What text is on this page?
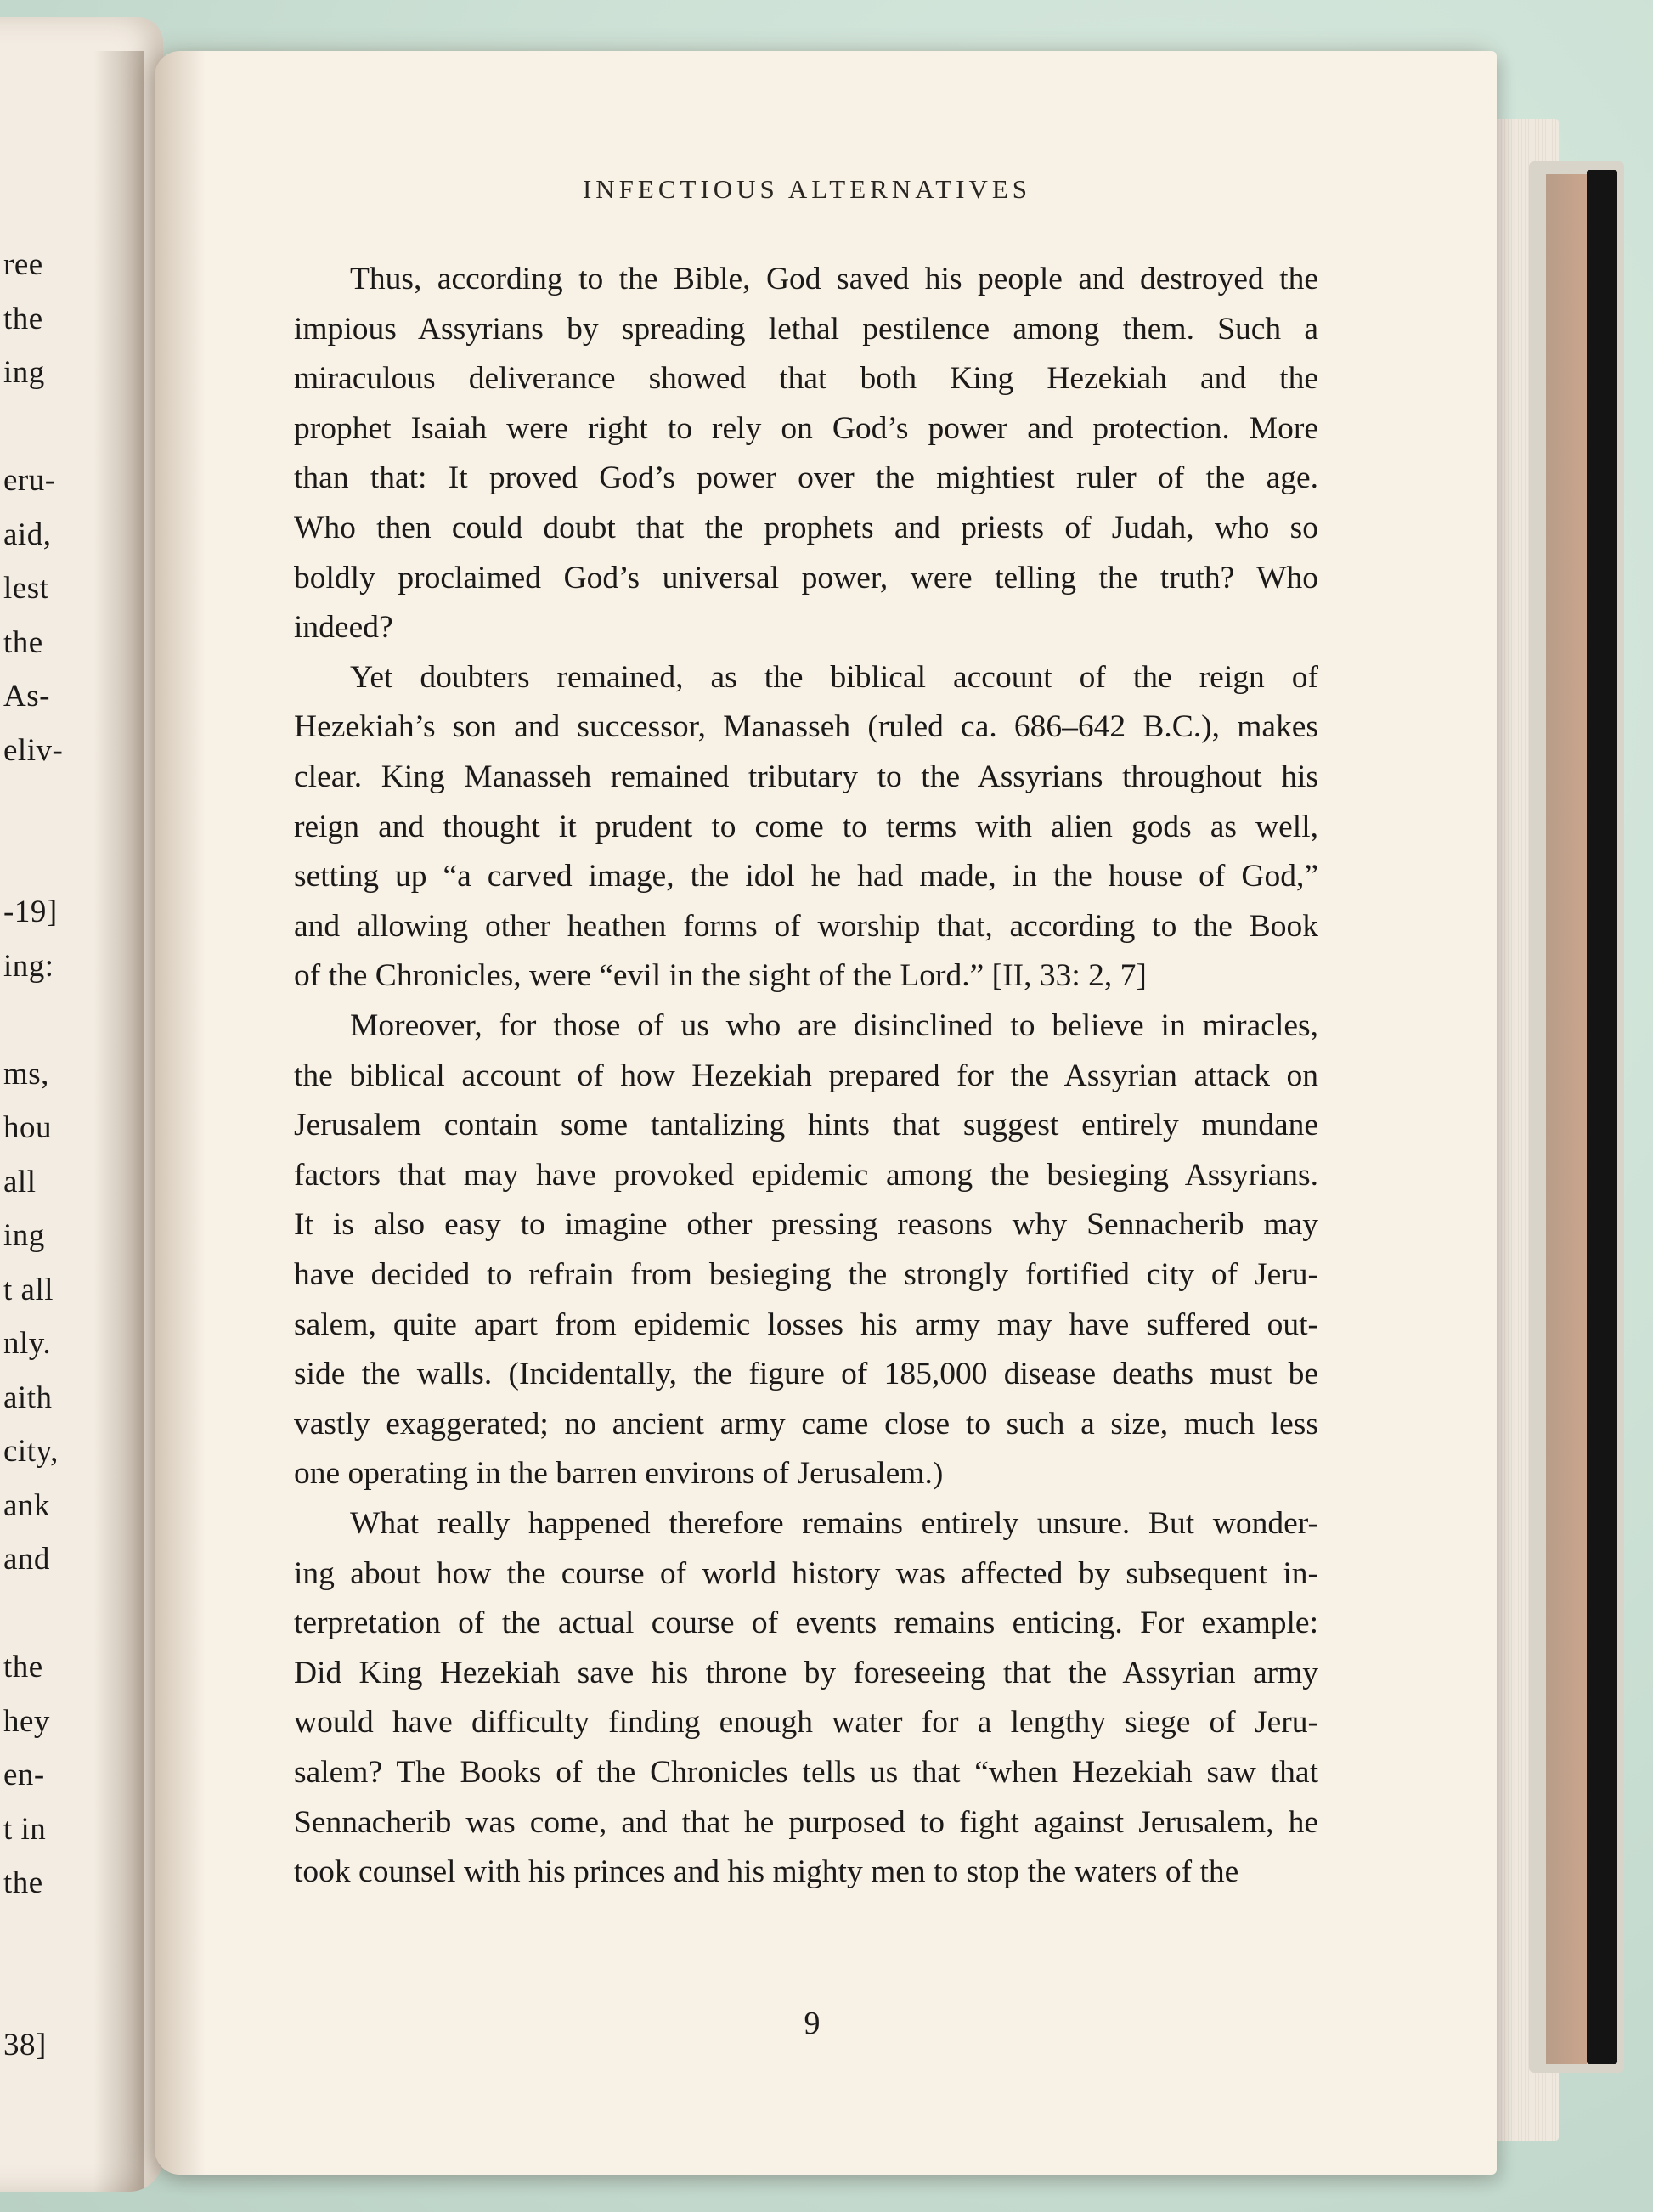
ree
the
ing
eru-
aid,
lest
the
As-
eliv-
-19]
ing:
ms,
hou
all
ing
t all
nly.
aith
city,
ank
and
the
hey
en-
t in
the
38]
INFECTIOUS ALTERNATIVES
Thus, according to the Bible, God saved his people and destroyed the
impious Assyrians by spreading lethal pestilence among them. Such a
miraculous deliverance showed that both King Hezekiah and the
prophet Isaiah were right to rely on God’s power and protection. More
than that: It proved God’s power over the mightiest ruler of the age.
Who then could doubt that the prophets and priests of Judah, who so
boldly proclaimed God’s universal power, were telling the truth? Who
indeed?
Yet doubters remained, as the biblical account of the reign of
Hezekiah’s son and successor, Manasseh (ruled ca. 686–642 B.C.), makes
clear. King Manasseh remained tributary to the Assyrians throughout his
reign and thought it prudent to come to terms with alien gods as well,
setting up “a carved image, the idol he had made, in the house of God,”
and allowing other heathen forms of worship that, according to the Book
of the Chronicles, were “evil in the sight of the Lord.” [II, 33: 2, 7]
Moreover, for those of us who are disinclined to believe in miracles,
the biblical account of how Hezekiah prepared for the Assyrian attack on
Jerusalem contain some tantalizing hints that suggest entirely mundane
factors that may have provoked epidemic among the besieging Assyrians.
It is also easy to imagine other pressing reasons why Sennacherib may
have decided to refrain from besieging the strongly fortified city of Jeru-
salem, quite apart from epidemic losses his army may have suffered out-
side the walls. (Incidentally, the figure of 185,000 disease deaths must be
vastly exaggerated; no ancient army came close to such a size, much less
one operating in the barren environs of Jerusalem.)
What really happened therefore remains entirely unsure. But wonder-
ing about how the course of world history was affected by subsequent in-
terpretation of the actual course of events remains enticing. For example:
Did King Hezekiah save his throne by foreseeing that the Assyrian army
would have difficulty finding enough water for a lengthy siege of Jeru-
salem? The Books of the Chronicles tells us that “when Hezekiah saw that
Sennacherib was come, and that he purposed to fight against Jerusalem, he
took counsel with his princes and his mighty men to stop the waters of the
9
